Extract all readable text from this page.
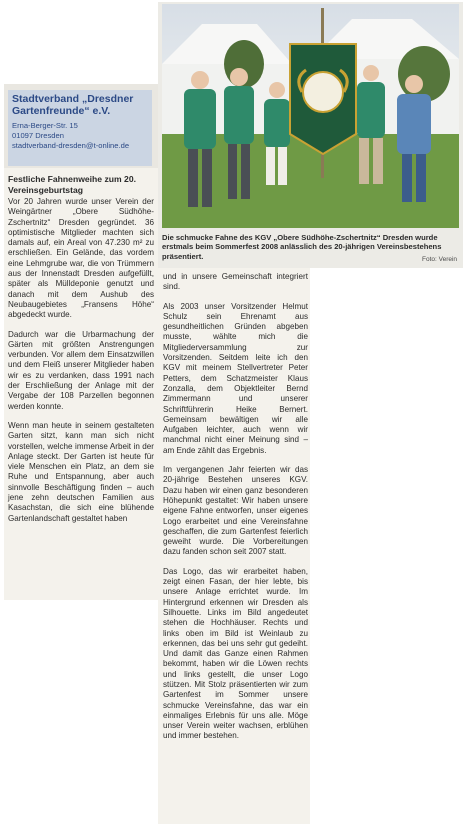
Stadtverband „Dresdner Gartenfreunde“ e.V.
Erna-Berger-Str. 15
01097 Dresden
stadtverband-dresden@t-online.de
Die schmucke Fahne des KGV „Obere Südhöhe-Zschertnitz“ Dresden wurde erstmals beim Sommerfest 2008 anlässlich des 20-jährigen Vereinsbestehens präsentiert.	Foto: Verein
Festliche Fahnenweihe zum 20. Vereinsgeburtstag

Vor 20 Jahren wurde unser Verein der Weingärtner „Obere Südhöhe-Zschertnitz“ Dresden gegründet. 36 optimistische Mitglieder machten sich damals auf, ein Areal von 47.230 m² zu erschließen. Ein Gelände, das vordem eine Lehmgrube war, die von Trümmern aus der Innenstadt Dresden aufgefüllt, später als Mülldeponie genutzt und danach mit dem Aushub des Neubaugebietes „Fransens Höhe“ abgedeckt wurde.

Dadurch war die Urbarmachung der Gärten mit größten Anstrengungen verbunden. Vor allem dem Einsatzwillen und dem Fleiß unserer Mitglieder haben wir es zu verdanken, dass 1991 nach der Erschließung der Anlage mit der Vergabe der 108 Parzellen begonnen werden konnte.

Wenn man heute in seinem gestalteten Garten sitzt, kann man sich nicht vorstellen, welche immense Arbeit in der Anlage steckt. Der Garten ist heute für viele Menschen ein Platz, an dem sie Ruhe und Entspannung, aber auch sinnvolle Beschäftigung finden – auch jene zehn deutschen Familien aus Kasachstan, die sich eine blühende Gartenlandschaft gestaltet haben

und in unsere Gemeinschaft integriert sind.

Als 2003 unser Vorsitzender Helmut Schulz sein Ehrenamt aus gesundheitlichen Gründen abgeben musste, wählte mich die Mitgliederversammlung zur Vorsitzenden. Seitdem leite ich den KGV mit meinem Stellvertreter Peter Petters, dem Schatzmeister Klaus Zonzalla, dem Objektleiter Bernd Zimmermann und unserer Schriftführerin Heike Bernert. Gemeinsam bewältigen wir alle Aufgaben leichter, auch wenn wir manchmal nicht einer Meinung sind – am Ende zählt das Ergebnis.

Im vergangenen Jahr feierten wir das 20-jährige Bestehen unseres KGV. Dazu haben wir einen ganz besonderen Höhepunkt gestaltet: Wir haben unsere eigene Fahne entworfen, unser eigenes Logo erarbeitet und eine Vereinsfahne geschaffen, die zum Gartenfest feierlich geweiht wurde. Die Vorbereitungen dazu fanden schon seit 2007 statt.

Das Logo, das wir erarbeitet haben, zeigt einen Fasan, der hier lebte, bis unsere Anlage errichtet wurde. Im Hintergrund erkennen wir Dresden als Silhouette. Links im Bild angedeutet stehen die Hochhäuser. Rechts und links oben im Bild ist Weinlaub zu erkennen, das bei uns sehr gut gedeiht. Und damit das Ganze einen Rahmen bekommt, haben wir die Löwen rechts und links gestellt, die unser Logo stützen. Mit Stolz präsentierten wir zum Gartenfest im Sommer unsere schmucke Vereinsfahne, das war ein einmaliges Erlebnis für uns alle. Möge unser Verein weiter wachsen, erblühen und immer bestehen.
